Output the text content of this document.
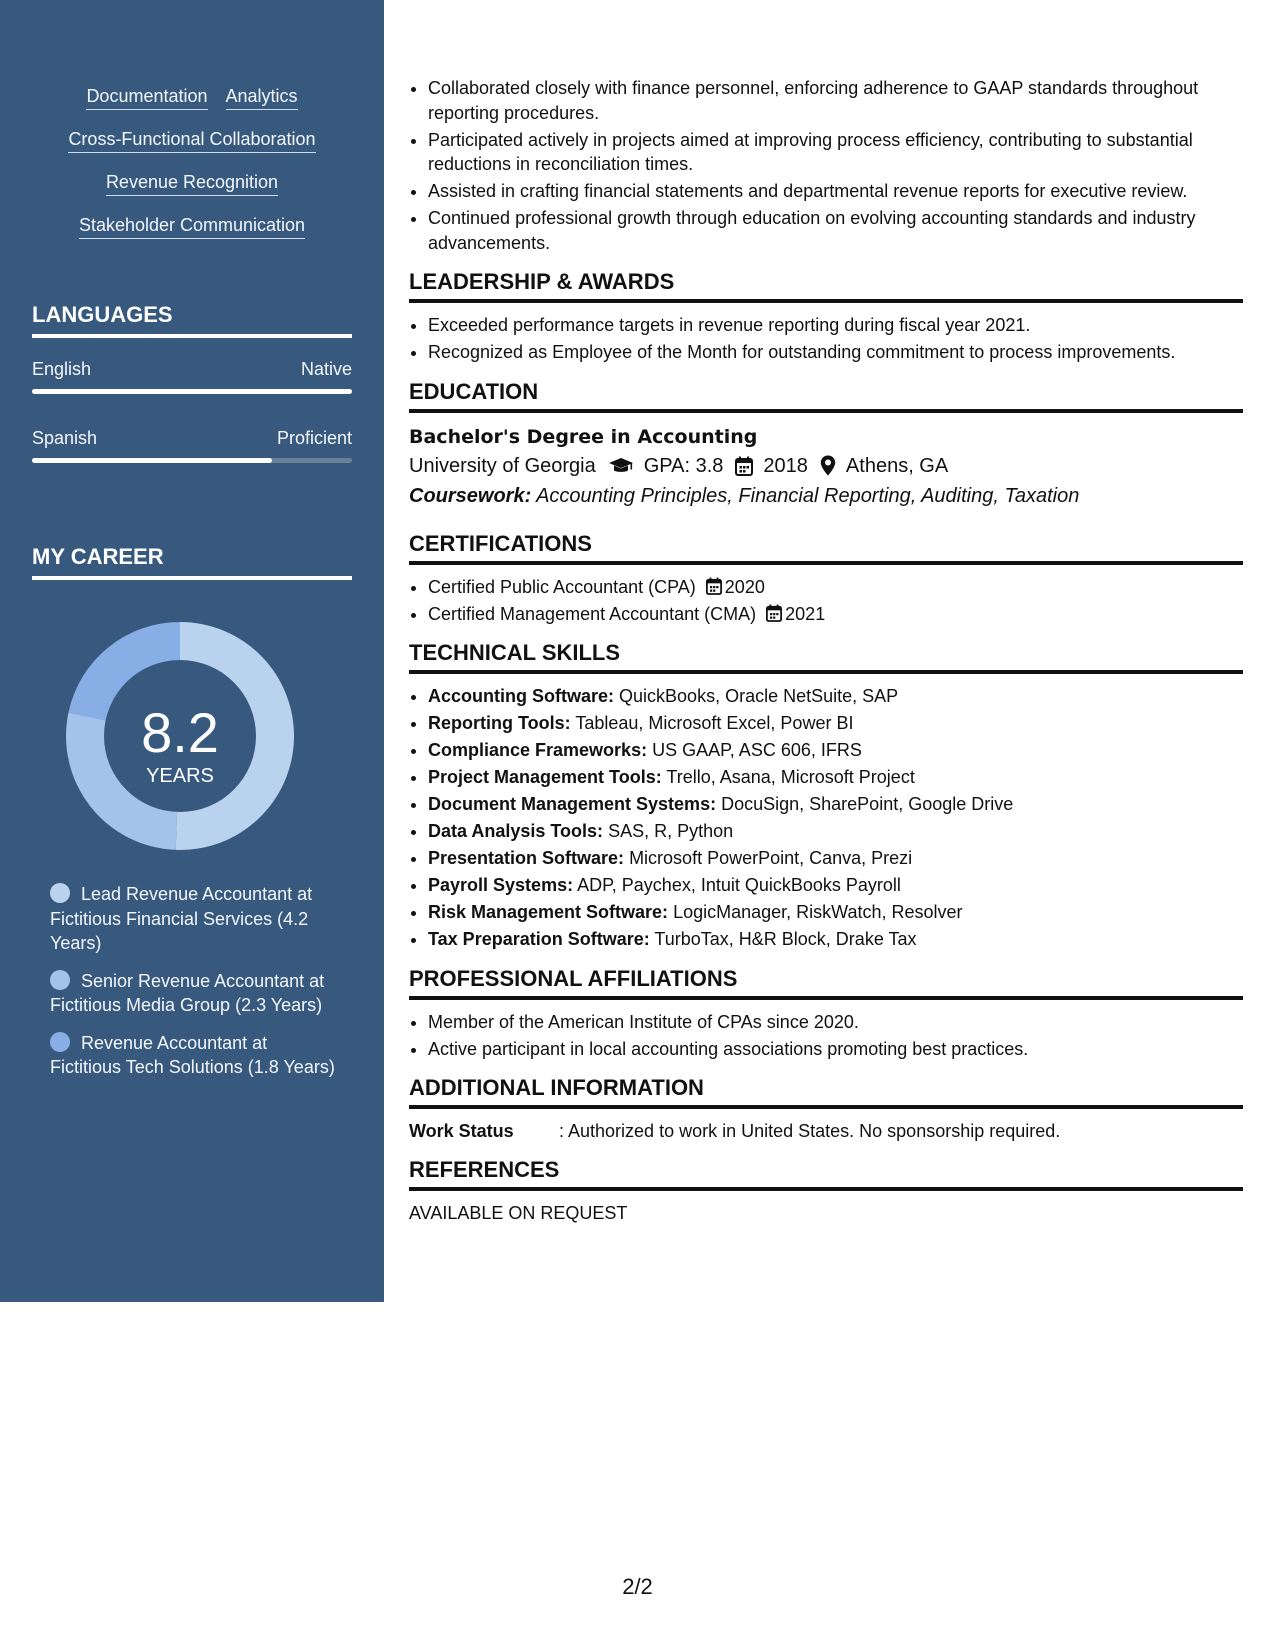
Documentation Analytics
Cross-Functional Collaboration
Revenue Recognition
Stakeholder Communication
LANGUAGES
English	Native
Spanish	Proficient
MY CAREER
8.2
YEARS
Lead Revenue Accountant at Fictitious Financial Services (4.2 Years)
Senior Revenue Accountant at Fictitious Media Group (2.3 Years)
Revenue Accountant at Fictitious Tech Solutions (1.8 Years)
• Collaborated closely with finance personnel, enforcing adherence to GAAP standards throughout reporting procedures.
• Participated actively in projects aimed at improving process efficiency, contributing to substantial reductions in reconciliation times.
• Assisted in crafting financial statements and departmental revenue reports for executive review.
• Continued professional growth through education on evolving accounting standards and industry advancements.
LEADERSHIP & AWARDS
• Exceeded performance targets in revenue reporting during fiscal year 2021.
• Recognized as Employee of the Month for outstanding commitment to process improvements.
EDUCATION
Bachelor's Degree in Accounting
University of Georgia GPA: 3.8 2018 Athens, GA
Coursework: Accounting Principles, Financial Reporting, Auditing, Taxation
CERTIFICATIONS
• Certified Public Accountant (CPA) 2020
• Certified Management Accountant (CMA) 2021
TECHNICAL SKILLS
• Accounting Software: QuickBooks, Oracle NetSuite, SAP
• Reporting Tools: Tableau, Microsoft Excel, Power BI
• Compliance Frameworks: US GAAP, ASC 606, IFRS
• Project Management Tools: Trello, Asana, Microsoft Project
• Document Management Systems: DocuSign, SharePoint, Google Drive
• Data Analysis Tools: SAS, R, Python
• Presentation Software: Microsoft PowerPoint, Canva, Prezi
• Payroll Systems: ADP, Paychex, Intuit QuickBooks Payroll
• Risk Management Software: LogicManager, RiskWatch, Resolver
• Tax Preparation Software: TurboTax, H&R Block, Drake Tax
PROFESSIONAL AFFILIATIONS
• Member of the American Institute of CPAs since 2020.
• Active participant in local accounting associations promoting best practices.
ADDITIONAL INFORMATION
Work Status	: Authorized to work in United States. No sponsorship required.
REFERENCES
AVAILABLE ON REQUEST
2/2
